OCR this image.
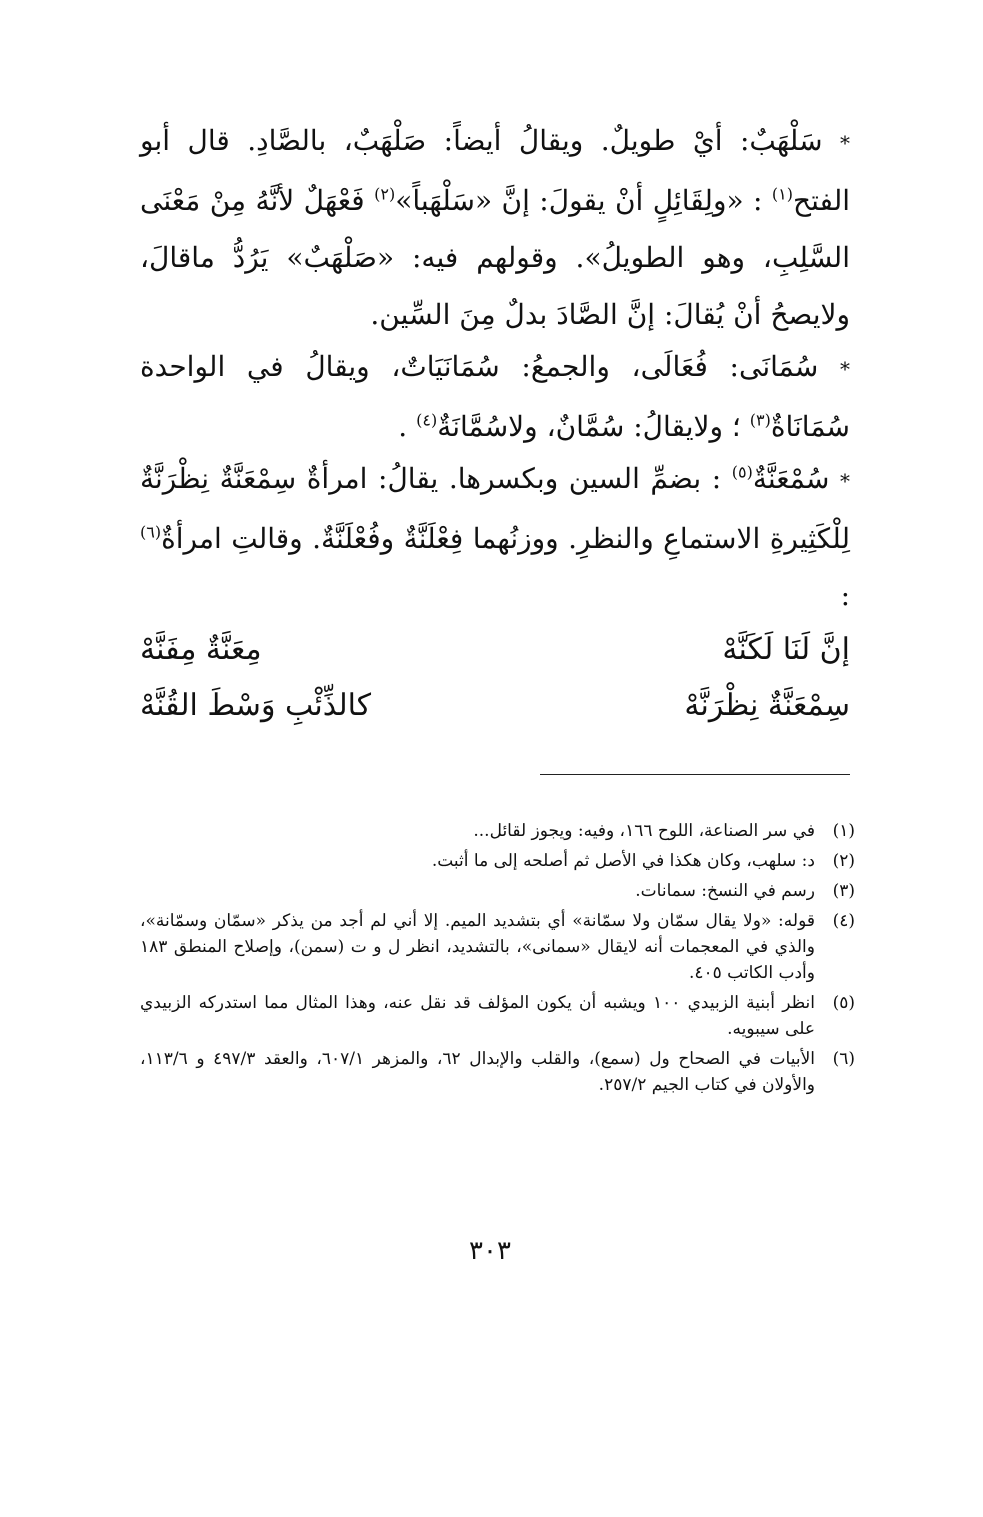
* سَلْهَبٌ: أيْ طويلٌ. ويقالُ أيضاً: صَلْهَبٌ، بالصَّادِ. قال أبو الفتح$^{(١)}$ : «ولِقَائِلٍ أنْ يقولَ: إنَّ «سَلْهَباً»$^{(٢)}$ فَعْهَلٌ لأنَّهُ مِنْ مَعْنَى السَّلِبِ، وهو الطويلُ». وقولهم فيه: «صَلْهَبٌ» يَرُدُّ ماقالَ، ولايصحُ أنْ يُقالَ: إنَّ الصَّادَ بدلٌ مِنَ السِّين.
* سُمَانَى: فُعَالَى، والجمعُ: سُمَانَيَاتٌ، ويقالُ في الواحدة سُمَانَاةٌ$^{(٣)}$ ؛ ولايقالُ: سُمَّانٌ، ولاسُمَّانَةٌ$^{(٤)}$ .
* سُمْعَنَّةٌ$^{(٥)}$ : بضمِّ السين وبكسرها. يقالُ: امرأةٌ سِمْعَنَّةٌ نِظْرَنَّةٌ لِلْكَثِيرةِ الاستماعِ والنظرِ. ووزنُهما فِعْلَنَّةٌ وفُعْلَنَّةٌ. وقالتِ امرأةٌ$^{(٦)}$ :
إنَّ لَنَا لَكَنَّهْ
مِعَنَّةٌ مِفَنَّهْ
سِمْعَنَّةٌ نِظْرَنَّهْ
كالذِّئْبِ وَسْطَ القُنَّهْ
(١)
في سر الصناعة، اللوح ١٦٦، وفيه: ويجوز لقائل...
(٢)
د: سلهب، وكان هكذا في الأصل ثم أصلحه إلى ما أثبت.
(٣)
رسم في النسخ: سمانات.
(٤)
قوله: «ولا يقال سمّان ولا سمّانة» أي بتشديد الميم. إلا أني لم أجد من يذكر «سمّان وسمّانة»، والذي في المعجمات أنه لايقال «سمانى»، بالتشديد، انظر ل و ت (سمن)، وإصلاح المنطق ١٨٣ وأدب الكاتب ٤٠٥.
(٥)
انظر أبنية الزبيدي ١٠٠ ويشبه أن يكون المؤلف قد نقل عنه، وهذا المثال مما استدركه الزبيدي على سيبويه.
(٦)
الأبيات في الصحاح ول (سمع)، والقلب والإبدال ٦٢، والمزهر ٦٠٧/١، والعقد ٤٩٧/٣ و ١١٣/٦، والأولان في كتاب الجيم ٢٥٧/٢.
٣٠٣
